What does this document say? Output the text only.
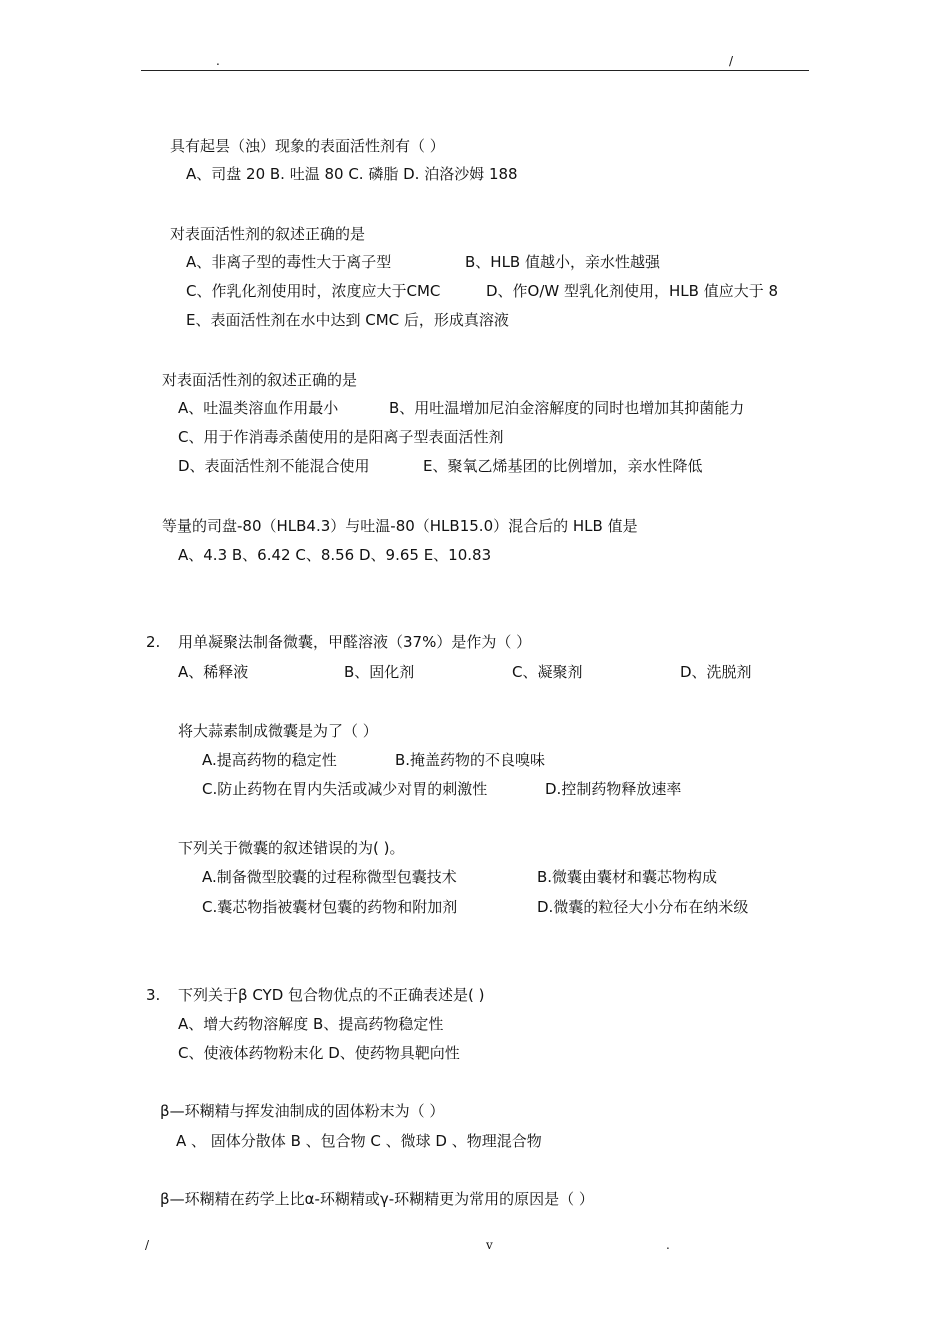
.	/
具有起昙（浊）现象的表面活性剂有（ ）
A、司盘 20 B. 吐温 80 C. 磷脂 D. 泊洛沙姆 188
对表面活性剂的叙述正确的是
A、非离子型的毒性大于离子型	B、HLB 值越小，亲水性越强
C、作乳化剂使用时，浓度应大于CMC	D、作O/W 型乳化剂使用，HLB 值应大于 8
E、表面活性剂在水中达到 CMC 后，形成真溶液
对表面活性剂的叙述正确的是
A、吐温类溶血作用最小	B、用吐温增加尼泊金溶解度的同时也增加其抑菌能力
C、用于作消毒杀菌使用的是阳离子型表面活性剂
D、表面活性剂不能混合使用	E、聚氧乙烯基团的比例增加，亲水性降低
等量的司盘-80（HLB4.3）与吐温-80（HLB15.0）混合后的 HLB 值是
A、4.3 B、6.42 C、8.56 D、9.65 E、10.83
2. 用单凝聚法制备微囊，甲醛溶液（37%）是作为（ ）
A、稀释液	B、固化剂	C、凝聚剂	D、洗脱剂
将大蒜素制成微囊是为了（ ）
A.提高药物的稳定性	B.掩盖药物的不良嗅味
C.防止药物在胃内失活或减少对胃的刺激性	D.控制药物释放速率
下列关于微囊的叙述错误的为( )。
A.制备微型胶囊的过程称微型包囊技术	B.微囊由囊材和囊芯物构成
C.囊芯物指被囊材包囊的药物和附加剂	D.微囊的粒径大小分布在纳米级
3. 下列关于β CYD 包合物优点的不正确表述是( )
A、增大药物溶解度 B、提高药物稳定性
C、使液体药物粉末化 D、使药物具靶向性
β—环糊精与挥发油制成的固体粉末为（ ）
A 、 固体分散体 B 、包合物 C 、微球 D 、物理混合物
β—环糊精在药学上比α-环糊精或γ-环糊精更为常用的原因是（ ）
/	v	.
